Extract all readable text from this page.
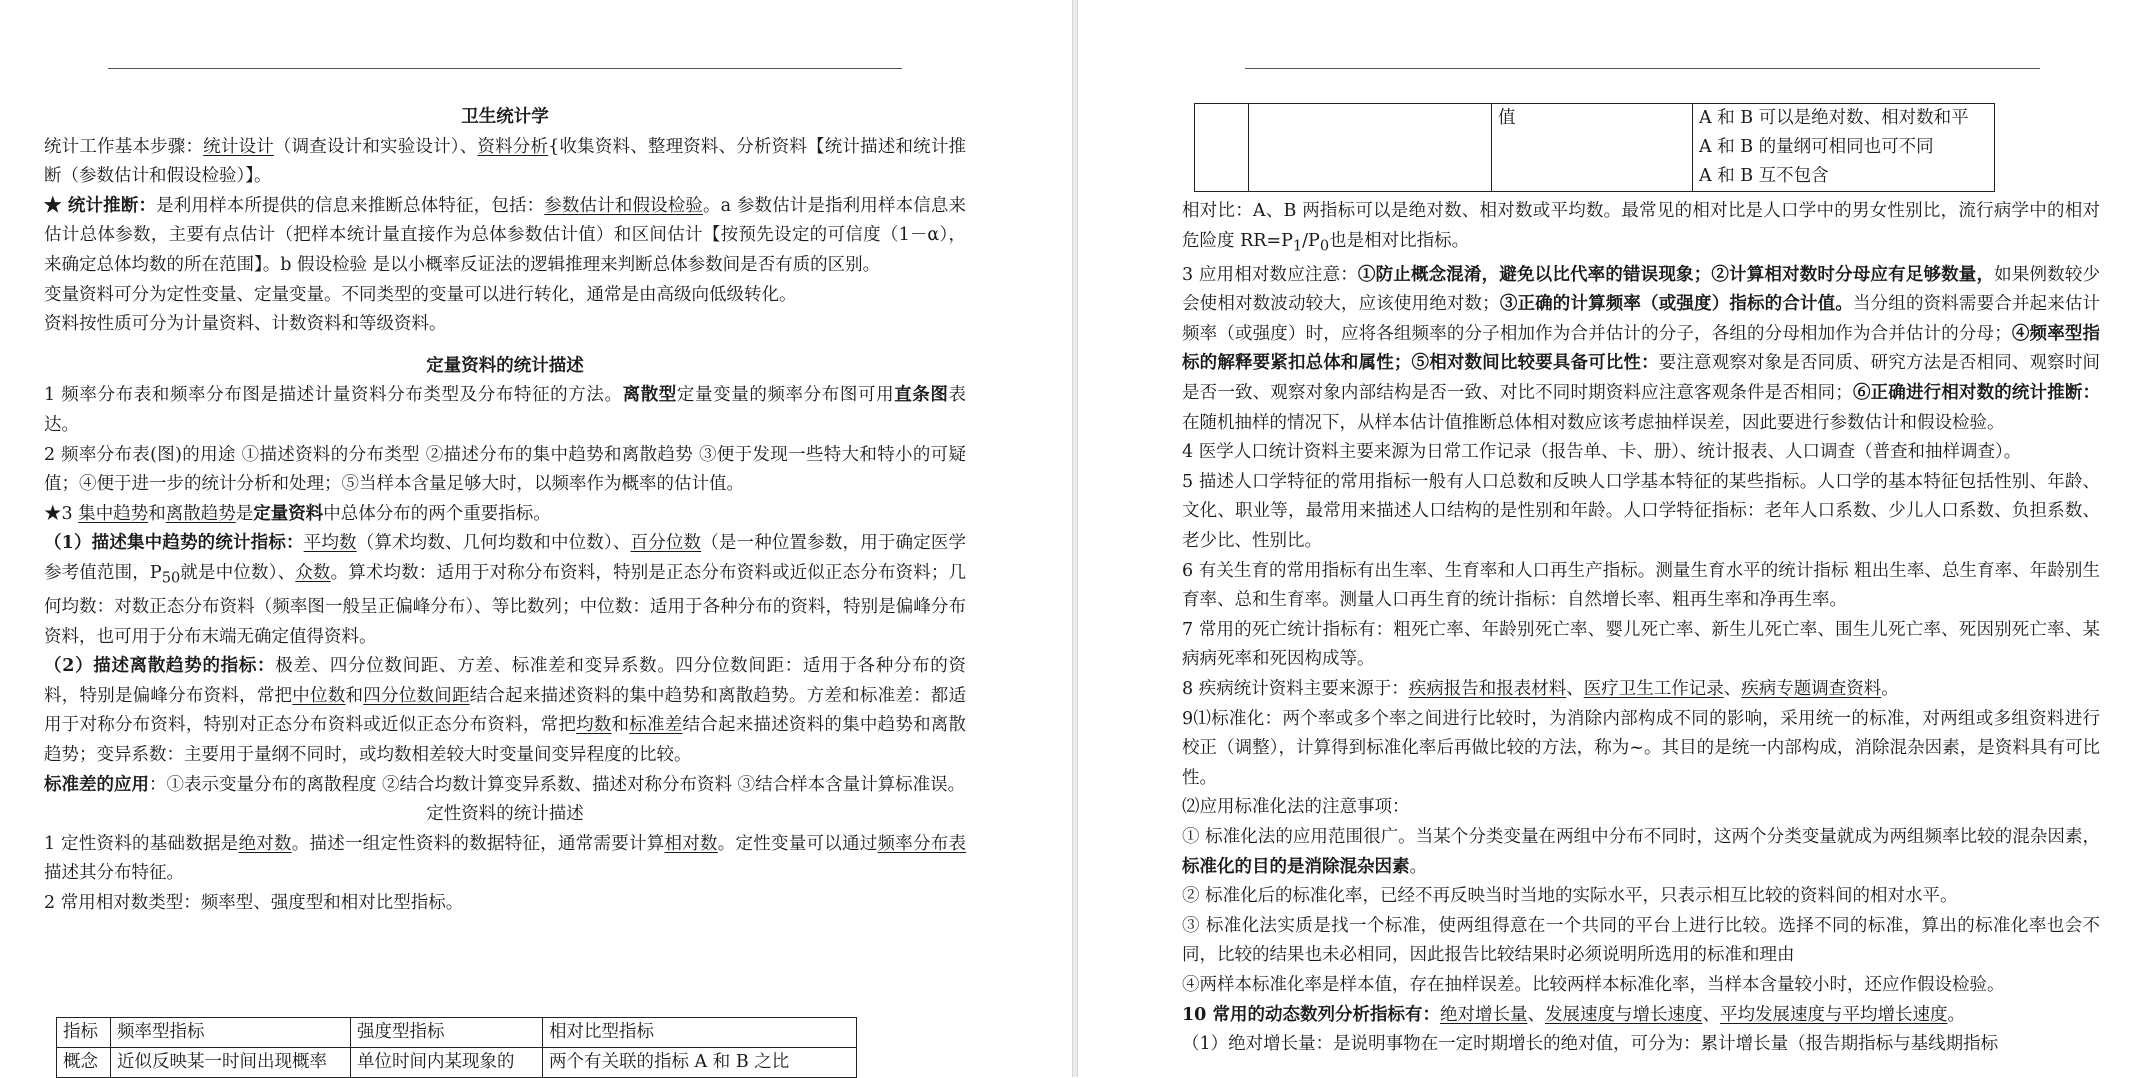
卫生统计学

统计工作基本步骤：统计设计（调查设计和实验设计）、资料分析{收集资料、整理资料、分析资料【统计描述和统计推断（参数估计和假设检验）】。

★ 统计推断：是利用样本所提供的信息来推断总体特征，包括：参数估计和假设检验。a 参数估计是指利用样本信息来估计总体参数，主要有点估计（把样本统计量直接作为总体参数估计值）和区间估计【按预先设定的可信度（1－α），来确定总体均数的所在范围】。b 假设检验 是以小概率反证法的逻辑推理来判断总体参数间是否有质的区别。

变量资料可分为定性变量、定量变量。不同类型的变量可以进行转化，通常是由高级向低级转化。

资料按性质可分为计量资料、计数资料和等级资料。

定量资料的统计描述

1 频率分布表和频率分布图是描述计量资料分布类型及分布特征的方法。离散型定量变量的频率分布图可用直条图表达。

2 频率分布表(图)的用途 ①描述资料的分布类型 ②描述分布的集中趋势和离散趋势 ③便于发现一些特大和特小的可疑值；④便于进一步的统计分析和处理；⑤当样本含量足够大时，以频率作为概率的估计值。

★3 集中趋势和离散趋势是定量资料中总体分布的两个重要指标。

（1）描述集中趋势的统计指标：平均数（算术均数、几何均数和中位数）、百分位数（是一种位置参数，用于确定医学参考值范围，$P_{50}$就是中位数）、众数。算术均数：适用于对称分布资料，特别是正态分布资料或近似正态分布资料；几何均数：对数正态分布资料（频率图一般呈正偏峰分布）、等比数列；中位数：适用于各种分布的资料，特别是偏峰分布资料，也可用于分布末端无确定值得资料。

（2）描述离散趋势的指标：极差、四分位数间距、方差、标准差和变异系数。四分位数间距：适用于各种分布的资料，特别是偏峰分布资料，常把中位数和四分位数间距结合起来描述资料的集中趋势和离散趋势。方差和标准差：都适用于对称分布资料，特别对正态分布资料或近似正态分布资料，常把均数和标准差结合起来描述资料的集中趋势和离散趋势；变异系数：主要用于量纲不同时，或均数相差较大时变量间变异程度的比较。

标准差的应用：①表示变量分布的离散程度 ②结合均数计算变异系数、描述对称分布资料 ③结合样本含量计算标准误。

定性资料的统计描述

1 定性资料的基础数据是绝对数。描述一组定性资料的数据特征，通常需要计算相对数。定性变量可以通过频率分布表描述其分布特征。

2 常用相对数类型：频率型、强度型和相对比型指标。

指标	频率型指标	强度型指标	相对比型指标
概念	近似反映某一时间出现概率	单位时间内某现象的	两个有关联的指标 A 和 B 之比
		值	A 和 B 可以是绝对数、相对数和平
A 和 B 的量纲可相同也可不同
A 和 B 互不包含

相对比：A、B 两指标可以是绝对数、相对数或平均数。最常见的相对比是人口学中的男女性别比，流行病学中的相对危险度 $RR=P_1/P_0$也是相对比指标。

3 应用相对数应注意：①防止概念混淆，避免以比代率的错误现象；②计算相对数时分母应有足够数量，如果例数较少会使相对数波动较大，应该使用绝对数；③正确的计算频率（或强度）指标的合计值。当分组的资料需要合并起来估计频率（或强度）时，应将各组频率的分子相加作为合并估计的分子，各组的分母相加作为合并估计的分母；④频率型指标的解释要紧扣总体和属性；⑤相对数间比较要具备可比性：要注意观察对象是否同质、研究方法是否相同、观察时间是否一致、观察对象内部结构是否一致、对比不同时期资料应注意客观条件是否相同；⑥正确进行相对数的统计推断：在随机抽样的情况下，从样本估计值推断总体相对数应该考虑抽样误差，因此要进行参数估计和假设检验。

4 医学人口统计资料主要来源为日常工作记录（报告单、卡、册）、统计报表、人口调查（普查和抽样调查）。

5 描述人口学特征的常用指标一般有人口总数和反映人口学基本特征的某些指标。人口学的基本特征包括性别、年龄、文化、职业等，最常用来描述人口结构的是性别和年龄。人口学特征指标：老年人口系数、少儿人口系数、负担系数、老少比、性别比。

6 有关生育的常用指标有出生率、生育率和人口再生产指标。测量生育水平的统计指标 粗出生率、总生育率、年龄别生育率、总和生育率。测量人口再生育的统计指标：自然增长率、粗再生率和净再生率。

7 常用的死亡统计指标有：粗死亡率、年龄别死亡率、婴儿死亡率、新生儿死亡率、围生儿死亡率、死因别死亡率、某病病死率和死因构成等。

8 疾病统计资料主要来源于：疾病报告和报表材料、医疗卫生工作记录、疾病专题调查资料。

9⑴标准化：两个率或多个率之间进行比较时，为消除内部构成不同的影响，采用统一的标准，对两组或多组资料进行校正（调整），计算得到标准化率后再做比较的方法，称为~。其目的是统一内部构成，消除混杂因素，是资料具有可比性。

⑵应用标准化法的注意事项：

① 标准化法的应用范围很广。当某个分类变量在两组中分布不同时，这两个分类变量就成为两组频率比较的混杂因素，标准化的目的是消除混杂因素。

② 标准化后的标准化率，已经不再反映当时当地的实际水平，只表示相互比较的资料间的相对水平。

③ 标准化法实质是找一个标准，使两组得意在一个共同的平台上进行比较。选择不同的标准，算出的标准化率也会不同，比较的结果也未必相同，因此报告比较结果时必须说明所选用的标准和理由

④两样本标准化率是样本值，存在抽样误差。比较两样本标准化率，当样本含量较小时，还应作假设检验。

10 常用的动态数列分析指标有：绝对增长量、发展速度与增长速度、平均发展速度与平均增长速度。

（1）绝对增长量：是说明事物在一定时期增长的绝对值，可分为：累计增长量（报告期指标与基线期指标
